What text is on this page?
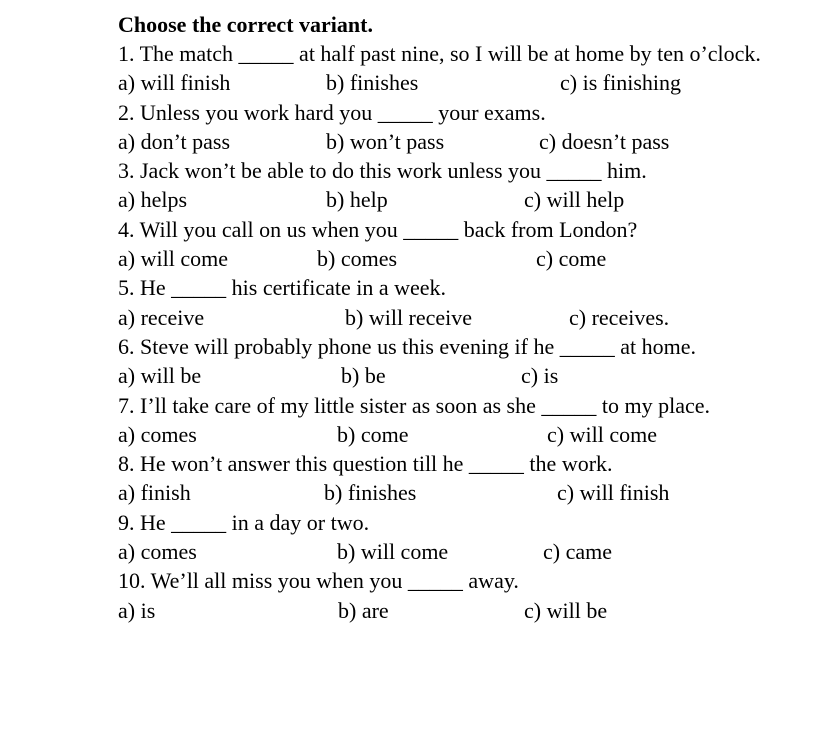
Choose the correct variant.
1. The match _____ at half past nine, so I will be at home by ten o’clock.
a) will finish	b) finishes	c) is finishing
2. Unless you work hard you _____ your exams.
a) don’t pass	b) won’t pass	c) doesn’t pass
3. Jack won’t be able to do this work unless you _____ him.
a) helps	b) help	c) will help
4. Will you call on us when you _____ back from London?
a) will come	b) comes	c) come
5. He _____ his certificate in a week.
a) receive	b) will receive	c) receives.
6. Steve will probably phone us this evening if he _____ at home.
a) will be	b) be	c) is
7. I’ll take care of my little sister as soon as she _____ to my place.
a) comes	b) come	c) will come
8. He won’t answer this question till he _____ the work.
a) finish	b) finishes	c) will finish
9. He _____ in a day or two.
a) comes	b) will come	c) came
10. We’ll all miss you when you _____ away.
a) is	b) are	c) will be
